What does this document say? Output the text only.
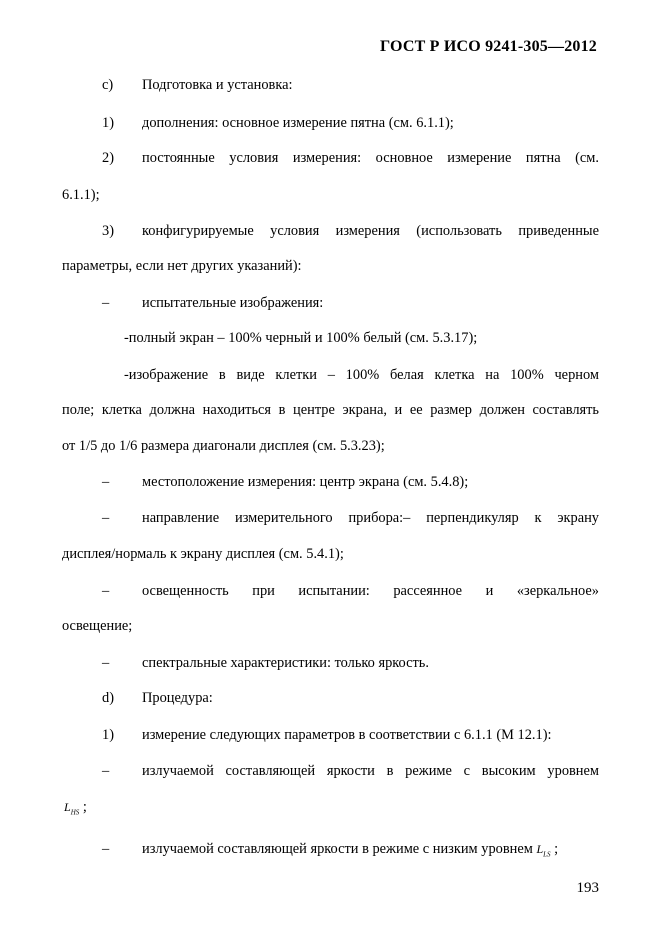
ГОСТ Р ИСО 9241-305—2012
c) Подготовка и установка:
1) дополнения: основное измерение пятна (см. 6.1.1);
2) постоянные условия измерения: основное измерение пятна (см.
6.1.1);
3) конфигурируемые условия измерения (использовать приведенные
параметры, если нет других указаний):
– испытательные изображения:
-полный экран – 100% черный и 100% белый (см. 5.3.17);
-изображение в виде клетки – 100% белая клетка на 100% черном
поле; клетка должна находиться в центре экрана, и ее размер должен составлять
от 1/5 до 1/6 размера диагонали дисплея (см. 5.3.23);
– местоположение измерения: центр экрана (см. 5.4.8);
– направление измерительного прибора:– перпендикуляр к экрану
дисплея/нормаль к экрану дисплея (см. 5.4.1);
– освещенность при испытании: рассеянное и «зеркальное»
освещение;
– спектральные характеристики: только яркость.
d) Процедура:
1) измерение следующих параметров в соответствии с 6.1.1 (М 12.1):
– излучаемой составляющей яркости в режиме с высоким уровнем
$L_{HS}$ ;
– излучаемой составляющей яркости в режиме с низким уровнем $L_{LS}$ ;
193
